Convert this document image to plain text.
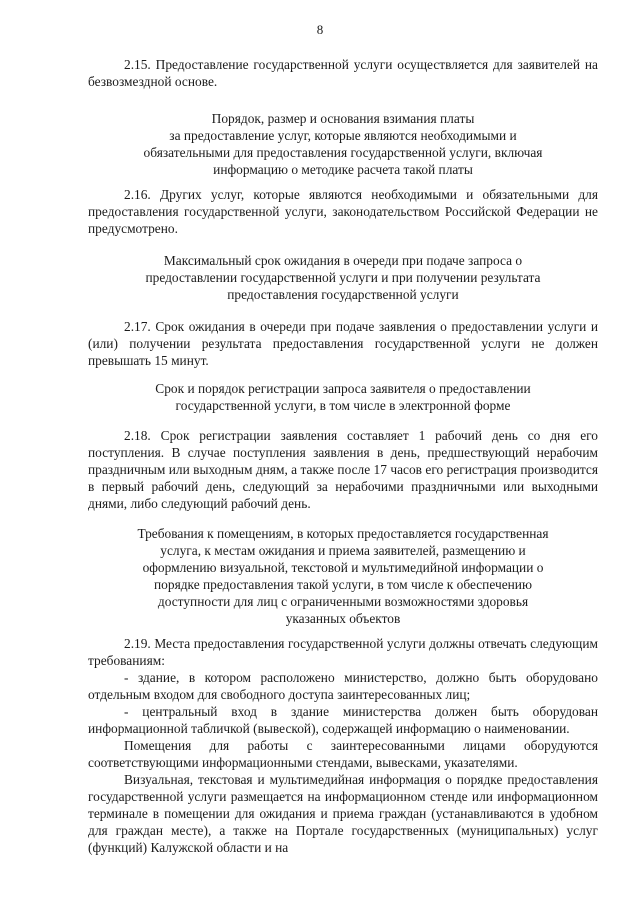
8

2.15. Предоставление государственной услуги осуществляется для заявителей на безвозмездной основе.

Порядок, размер и основания взимания платы
за предоставление услуг, которые являются необходимыми и
обязательными для предоставления государственной услуги, включая
информацию о методике расчета такой платы

2.16. Других услуг, которые являются необходимыми и обязательными для предоставления государственной услуги, законодательством Российской Федерации не предусмотрено.

Максимальный срок ожидания в очереди при подаче запроса о
предоставлении государственной услуги и при получении результата
предоставления государственной услуги

2.17. Срок ожидания в очереди при подаче заявления о предоставлении услуги и (или) получении результата предоставления государственной услуги не должен превышать 15 минут.

Срок и порядок регистрации запроса заявителя о предоставлении
государственной услуги, в том числе в электронной форме

2.18. Срок регистрации заявления составляет 1 рабочий день со дня его поступления. В случае поступления заявления в день, предшествующий нерабочим праздничным или выходным дням, а также после 17 часов его регистрация производится в первый рабочий день, следующий за нерабочими праздничными или выходными днями, либо следующий рабочий день.

Требования к помещениям, в которых предоставляется государственная
услуга, к местам ожидания и приема заявителей, размещению и
оформлению визуальной, текстовой и мультимедийной информации о
порядке предоставления такой услуги, в том числе к обеспечению
доступности для лиц с ограниченными возможностями здоровья
указанных объектов

2.19. Места предоставления государственной услуги должны отвечать следующим требованиям:

- здание, в котором расположено министерство, должно быть оборудовано отдельным входом для свободного доступа заинтересованных лиц;

- центральный вход в здание министерства должен быть оборудован информационной табличкой (вывеской), содержащей информацию о наименовании.

Помещения для работы с заинтересованными лицами оборудуются соответствующими информационными стендами, вывесками, указателями.

Визуальная, текстовая и мультимедийная информация о порядке предоставления государственной услуги размещается на информационном стенде или информационном терминале в помещении для ожидания и приема граждан (устанавливаются в удобном для граждан месте), а также на Портале государственных (муниципальных) услуг (функций) Калужской области и на
